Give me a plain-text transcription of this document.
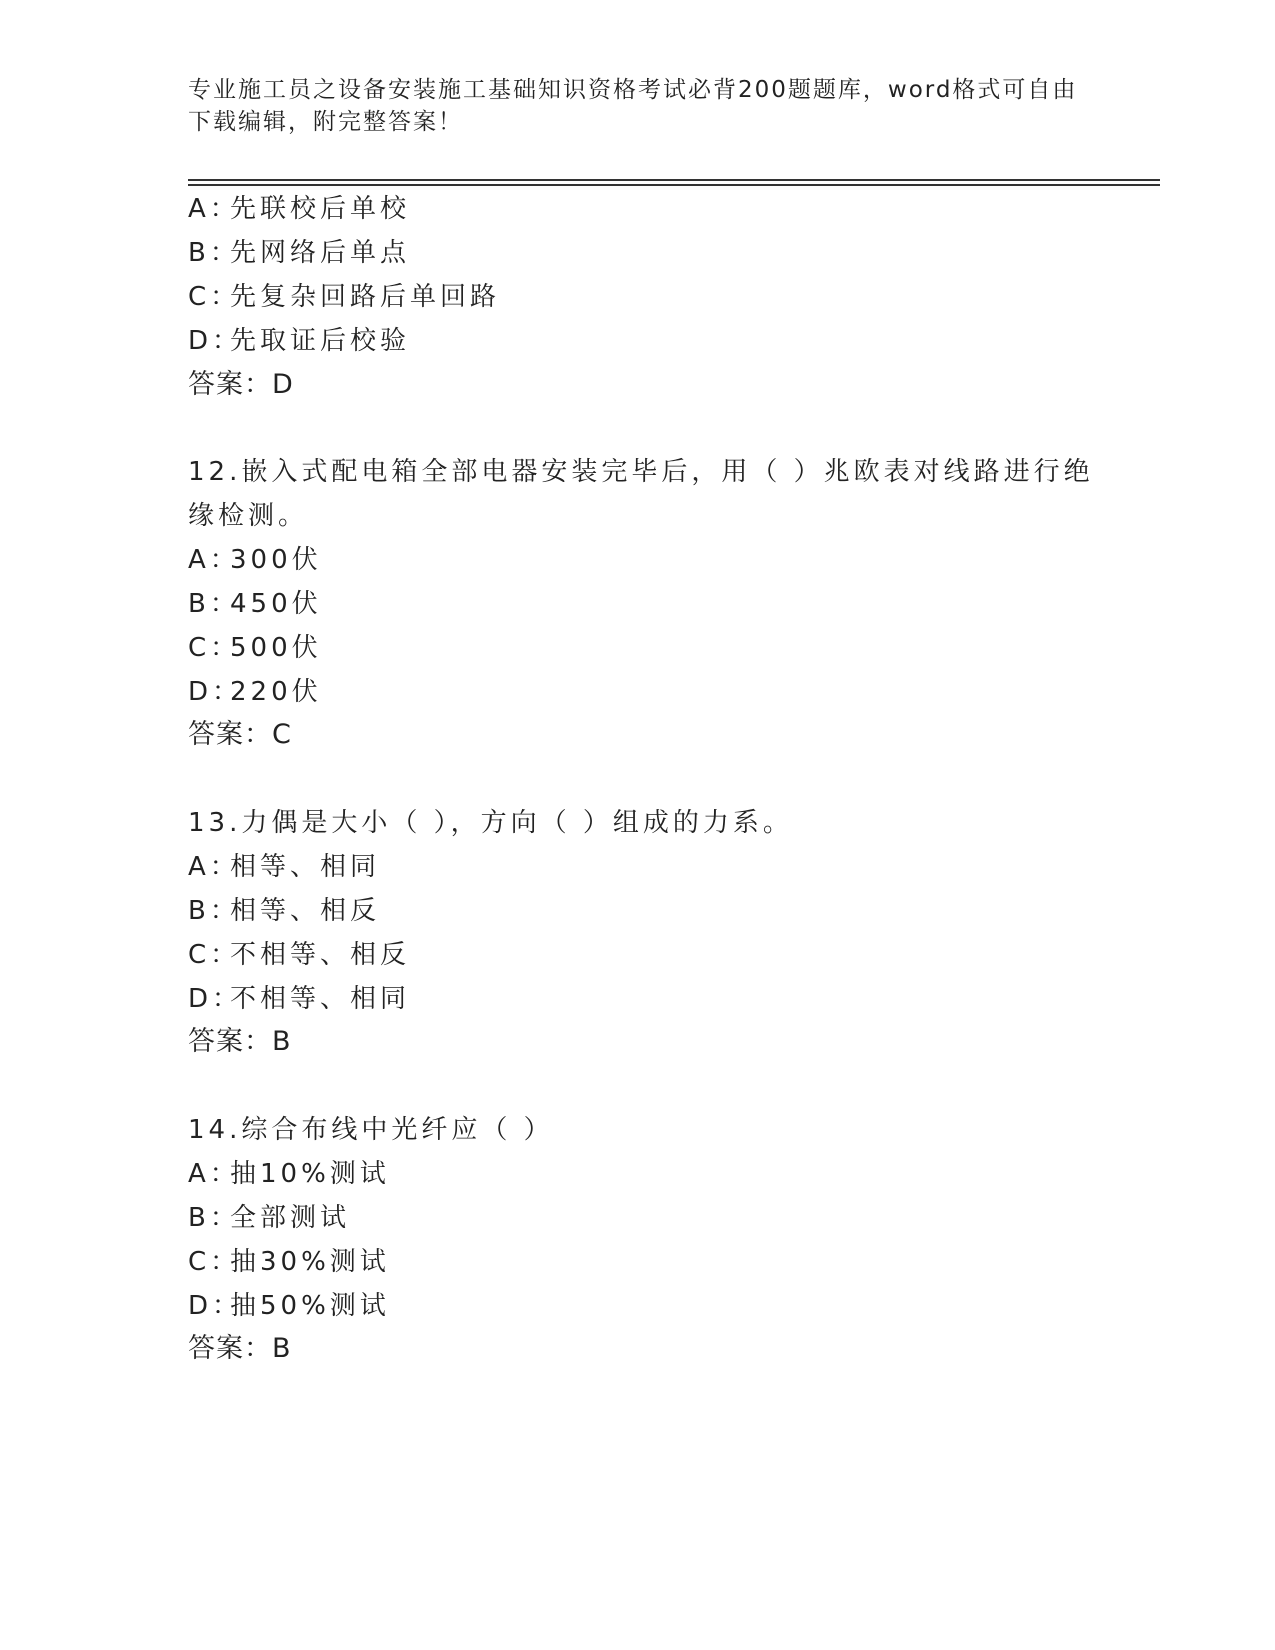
专业施工员之设备安装施工基础知识资格考试必背200题题库，word格式可自由
下载编辑，附完整答案！
A：先联校后单校
B：先网络后单点
C：先复杂回路后单回路
D：先取证后校验
答案：D
12.嵌入式配电箱全部电器安装完毕后，用（ ）兆欧表对线路进行绝
缘检测。
A：300伏
B：450伏
C：500伏
D：220伏
答案：C
13.力偶是大小（ ），方向（ ）组成的力系。
A：相等、相同
B：相等、相反
C：不相等、相反
D：不相等、相同
答案：B
14.综合布线中光纤应（ ）
A：抽10%测试
B：全部测试
C：抽30%测试
D：抽50%测试
答案：B
